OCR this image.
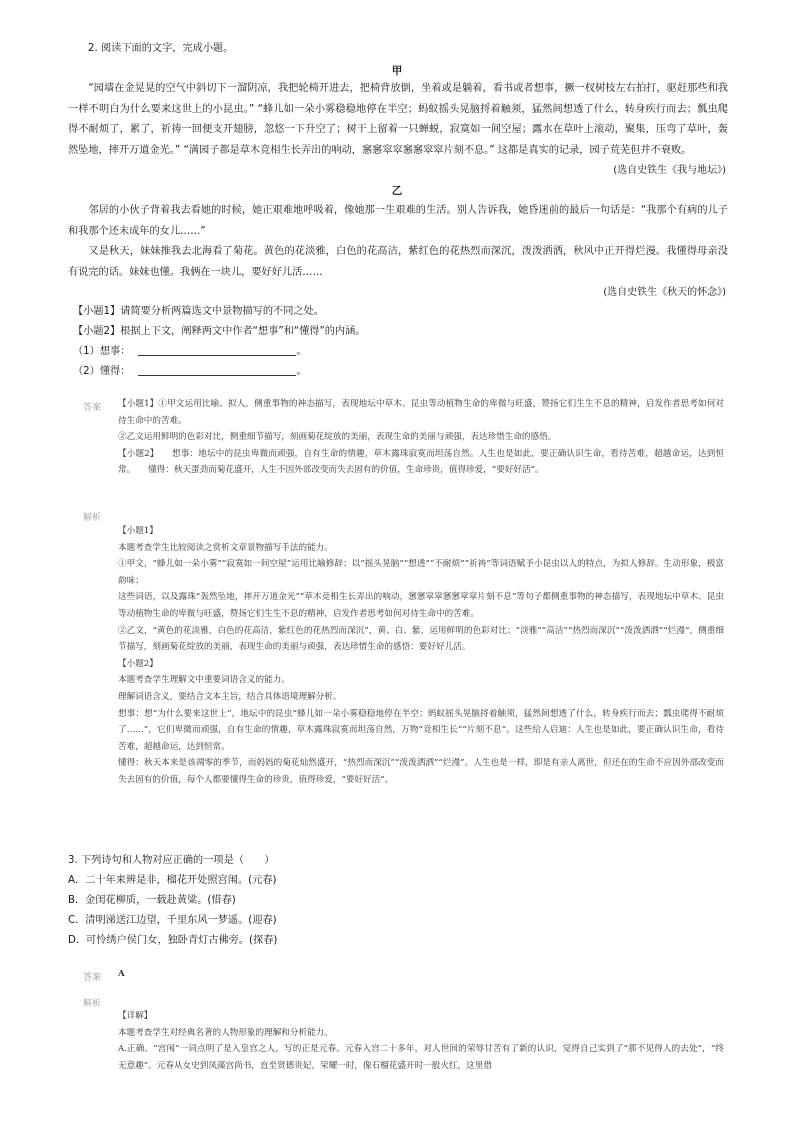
2. 阅读下面的文字，完成小题。
甲
“园墙在金晃晃的空气中斜切下一溜阴凉，我把轮椅开进去，把椅背放倒，坐着或是躺着，看书或者想事，撅一杈树枝左右拍打，驱赶那些和我一样不明白为什么要来这世上的小昆虫。” “蜂儿如一朵小雾稳稳地停在半空；蚂蚁摇头晃脑捋着触须，猛然间想透了什么，转身疾行而去；瓢虫爬得不耐烦了，累了，祈祷一回便支开翅膀，忽悠一下升空了；树干上留着一只蝉蜕，寂寞如一间空屋；露水在草叶上滚动，聚集，压弯了草叶，轰然坠地，摔开万道金光。” “满园子都是草木竞相生长弄出的响动，窸窸窣窣窸窸窣窣片刻不息。” 这都是真实的记录，园子荒芜但并不衰败。
(选自史铁生《我与地坛》)
乙
邻居的小伙子背着我去看她的时候，她正艰难地呼吸着，像她那一生艰难的生活。别人告诉我，她昏迷前的最后一句话是：“我那个有病的儿子和我那个还未成年的女儿……”
又是秋天，妹妹推我去北海看了菊花。黄色的花淡雅，白色的花高洁，紫红色的花热烈而深沉，泼泼洒洒，秋风中正开得烂漫。我懂得母亲没有说完的话。妹妹也懂。我俩在一块儿，要好好儿活……
(选自史铁生《秋天的怀念》)
【小题1】请简要分析两篇选文中景物描写的不同之处。
【小题2】根据上下文，阐释两文中作者“想事”和“懂得”的内涵。
（1）想事：	。
（2）懂得：	。
答案 【小题1】①甲文运用比喻、拟人，侧重事物的神态描写，表现地坛中草木、昆虫等动植物生命的卑微与旺盛，赞扬它们生生不息的精神，启发作者思考如何对待生命中的苦难。

②乙文运用鲜明的色彩对比，侧重细节描写，刻画菊花绽放的美丽，表现生命的美丽与顽强，表达珍惜生命的感悟。

【小题2】　　想事：地坛中的昆虫卑微而顽强，自有生命的情趣，草木露珠寂寞而坦荡自然。人生也是如此，要正确认识生命，看待苦难，超越命运，达到恒常。　　懂得：秋天蛋劲而菊花盛开，人生不因外部改变而失去固有的价值，生命珍贵，值得珍爱，“要好好活”。

解析

【小题1】

本题考查学生比较阅读之赏析文章景物描写手法的能力。

①甲文，“蜂儿如一朵小雾”“寂寞如一间空屋”运用比喻修辞；以“摇头晃脑”“想透”“不耐烦”“祈祷”等词语赋予小昆虫以人的特点，为拟人修辞。生动形象，极富韵味；

这些词语，以及露珠“轰然坠地，摔开万道金光”“草木竞相生长弄出的响动，窸窸窣窣窸窸窣窣片刻不息”等句子都侧重事物的神态描写，表现地坛中草木、昆虫等动植物生命的卑微与旺盛，赞扬它们生生不息的精神，启发作者思考如何对待生命中的苦难。

②乙文，“黄色的花淡雅，白色的花高洁，紫红色的花热烈而深沉”，黄、白、紫，运用鲜明的色彩对比；“淡雅”“高洁”“热烈而深沉”“泼泼洒洒”“烂漫”，侧重细节描写，刻画菊花绽放的美丽，表现生命的美丽与顽强，表达珍惜生命的感悟：要好好儿活。

【小题2】

本题考查学生理解文中重要词语含义的能力。

理解词语含义，要结合文本主旨，结合具体语境理解分析。

想事：想“为什么要来这世上”，地坛中的昆虫“蜂儿如一朵小雾稳稳地停在半空；蚂蚁摇头晃脑捋着触须，猛然间想透了什么，转身疾行而去；瓢虫爬得不耐烦了……”，它们卑微而顽强，自有生命的情趣，草木露珠寂寞而坦荡自然，万物“竞相生长”“片刻不息”。这些给人启迪：人生也是如此，要正确认识生命，看待苦难，超越命运，达到恒常。

懂得：秋天本来是该凋零的季节，而妈妈的菊花灿然盛开，“热烈而深沉”“泼泼洒洒”“烂漫”。人生也是一样，即是有亲人离世，但还在的生命不应因外部改变而失去固有的价值，每个人都要懂得生命的珍贵，值得珍爱，“要好好活”。

3. 下列诗句和人物对应正确的一项是（　　）
A．二十年来辨是非，榴花开处照宫闱。(元春)
B．金闺花柳质，一载赴黄粱。(惜春)
C．清明涕送江边望，千里东风一梦遥。(迎春)
D．可怜绣户侯门女，独卧青灯古佛旁。(探春)
答案 A
解析

【详解】

本题考查学生对经典名著的人物形象的理解和分析能力。

A.正确。“宫闱”一词点明了是入皇宫之人，写的正是元春。元春入宫二十多年，对人世间的荣辱甘苦有了新的认识，觉得自己实到了“那不见得人的去处”，“终无意趣”。元春从女史到凤藻宫尚书，直至贤德贵妃，荣耀一时，像石榴花盛开时一般火红，这里借
